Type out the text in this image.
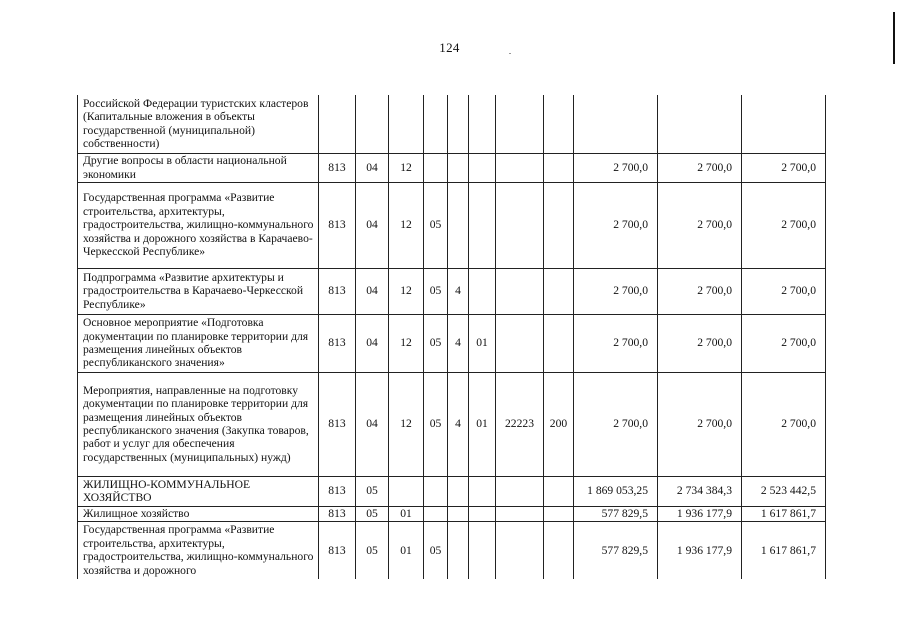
124
Российской Федерации туристских кластеров (Капитальные вложения в объекты государственной (муниципальной) собственности)											
Другие вопросы в области национальной экономики	813	04	12						2 700,0	2 700,0	2 700,0
Государственная программа «Развитие строительства, архитектуры, градостроительства, жилищно-коммунального хозяйства и дорожного хозяйства в Карачаево-Черкесской Республике»	813	04	12	05					2 700,0	2 700,0	2 700,0
Подпрограмма «Развитие архитектуры и градостроительства в Карачаево-Черкесской Республике»	813	04	12	05	4				2 700,0	2 700,0	2 700,0
Основное мероприятие «Подготовка документации по планировке территории для размещения линейных объектов республиканского значения»	813	04	12	05	4	01			2 700,0	2 700,0	2 700,0
Мероприятия, направленные на подготовку документации по планировке территории для размещения линейных объектов республиканского значения (Закупка товаров, работ и услуг для обеспечения государственных (муниципальных) нужд)	813	04	12	05	4	01	22223	200	2 700,0	2 700,0	2 700,0
ЖИЛИЩНО-КОММУНАЛЬНОЕ ХОЗЯЙСТВО	813	05							1 869 053,25	2 734 384,3	2 523 442,5
Жилищное хозяйство	813	05	01						577 829,5	1 936 177,9	1 617 861,7
Государственная программа «Развитие строительства, архитектуры, градостроительства, жилищно-коммунального хозяйства и дорожного	813	05	01	05					577 829,5	1 936 177,9	1 617 861,7
